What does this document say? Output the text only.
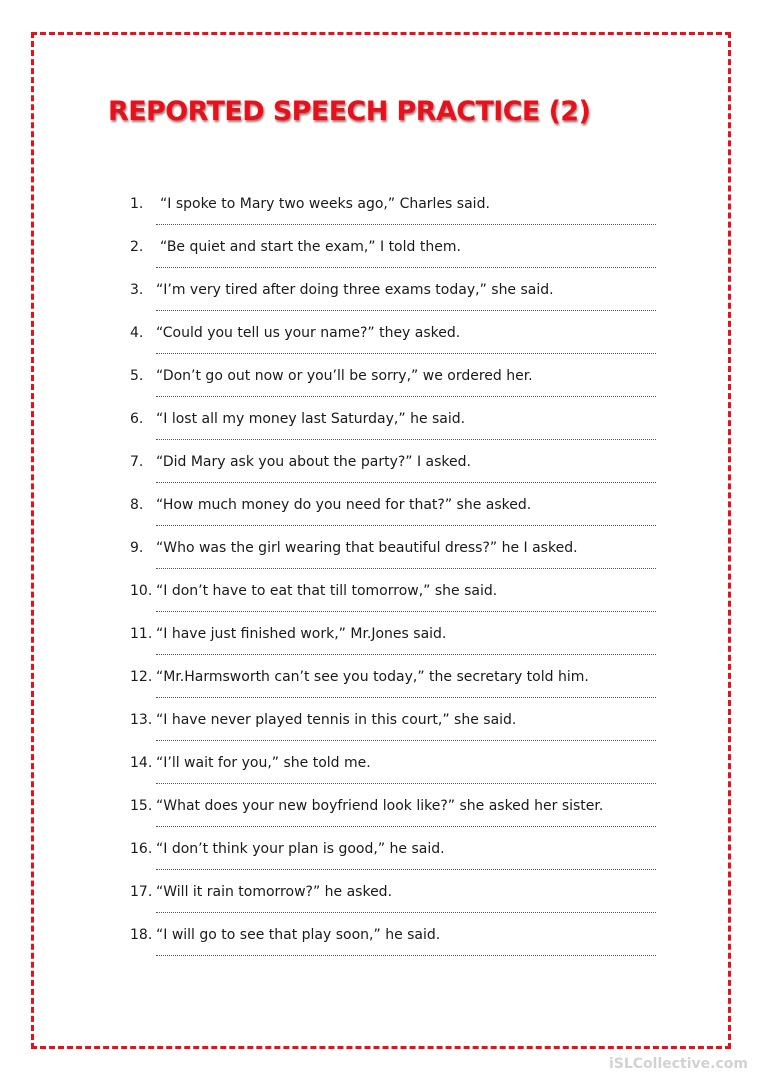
REPORTED SPEECH PRACTICE (2)
1.	“I spoke to Mary two weeks ago,” Charles said.
2.	“Be quiet and start the exam,” I told them.
3. “I’m very tired after doing three exams today,” she said.
4. “Could you tell us your name?” they asked.
5. “Don’t go out now or you’ll be sorry,” we ordered her.
6. “I lost all my money last Saturday,” he said.
7. “Did Mary ask you about the party?” I asked.
8. “How much money do you need for that?” she asked.
9. “Who was the girl wearing that beautiful dress?” he I asked.
10. “I don’t have to eat that till tomorrow,” she said.
11. “I have just finished work,” Mr.Jones said.
12. “Mr.Harmsworth can’t see you today,” the secretary told him.
13. “I have never played tennis in this court,” she said.
14. “I’ll wait for you,” she told me.
15. “What does your new boyfriend look like?” she asked her sister.
16. “I don’t think your plan is good,” he said.
17. “Will it rain tomorrow?” he asked.
18. “I will go to see that play soon,” he said.
iSLCollective.com
